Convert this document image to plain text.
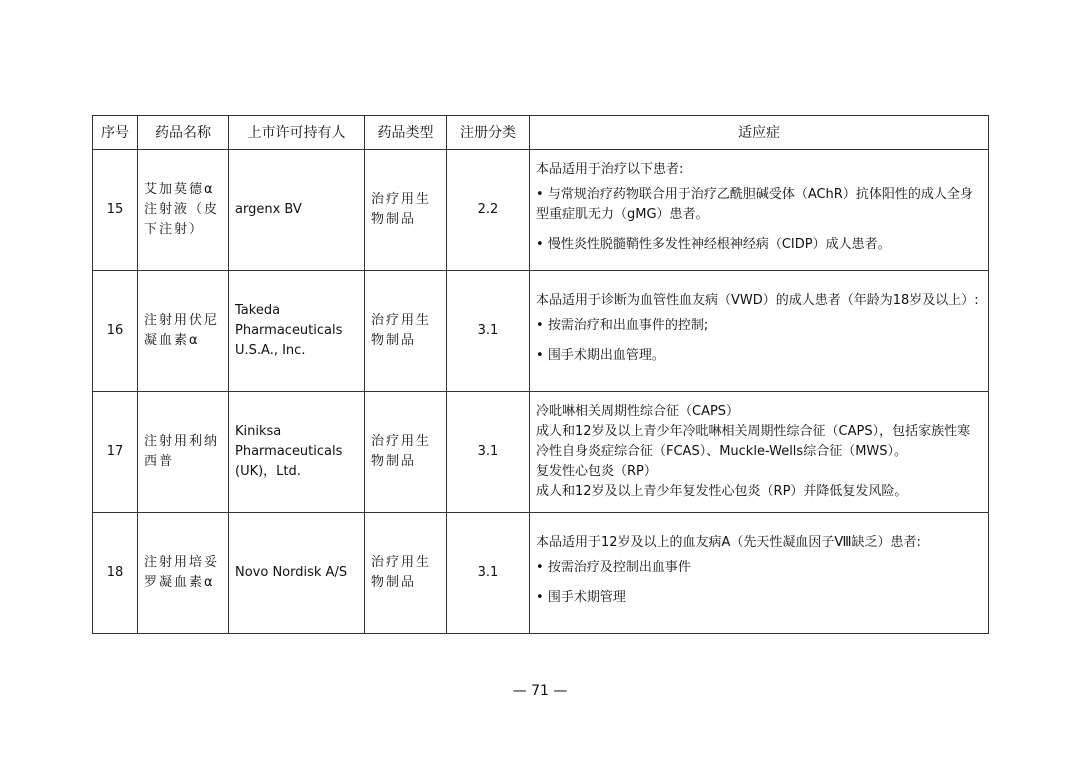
序号	药品名称	上市许可持有人	药品类型	注册分类	适应症
15	艾加莫德α注射液（皮下注射）	argenx BV	治疗用生物制品	2.2	本品适用于治疗以下患者:
• 与常规治疗药物联合用于治疗乙酰胆碱受体（AChR）抗体阳性的成人全身型重症肌无力（gMG）患者。
• 慢性炎性脱髓鞘性多发性神经根神经病（CIDP）成人患者。

16	注射用伏尼凝血素α	Takeda Pharmaceuticals U.S.A., Inc.	治疗用生物制品	3.1	本品适用于诊断为血管性血友病（VWD）的成人患者（年龄为18岁及以上）:
• 按需治疗和出血事件的控制;
• 围手术期出血管理。

17	注射用利纳西普	Kiniksa Pharmaceuticals (UK)，Ltd.	治疗用生物制品	3.1	冷吡啉相关周期性综合征（CAPS）
成人和12岁及以上青少年冷吡啉相关周期性综合征（CAPS），包括家族性寒冷性自身炎症综合征（FCAS）、Muckle-Wells综合征（MWS）。
复发性心包炎（RP）
成人和12岁及以上青少年复发性心包炎（RP）并降低复发风险。

18	注射用培妥罗凝血素α	Novo Nordisk A/S	治疗用生物制品	3.1	本品适用于12岁及以上的血友病A（先天性凝血因子Ⅷ缺乏）患者:
• 按需治疗及控制出血事件
• 围手术期管理
— 71 —
